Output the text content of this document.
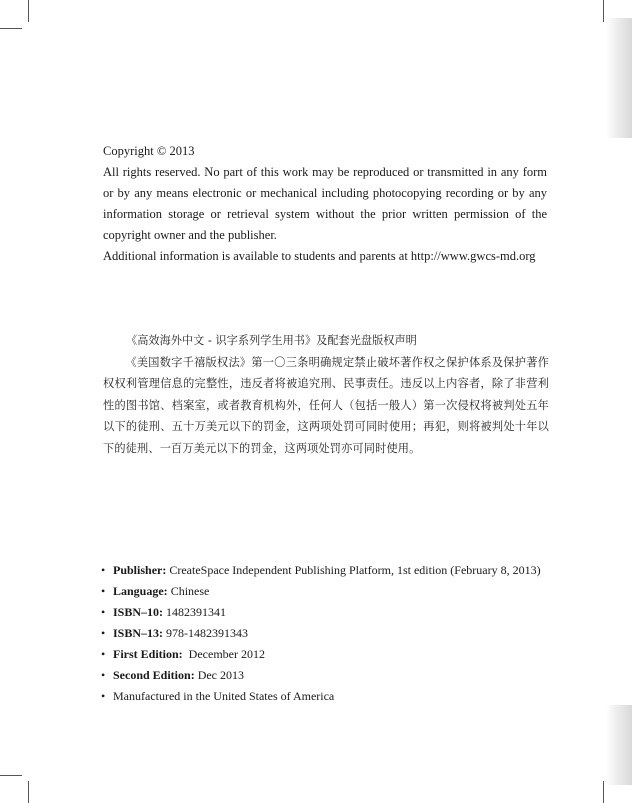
Copyright © 2013

All rights reserved. No part of this work may be reproduced or transmitted in any form or by any means electronic or mechanical including photocopying recording or by any information storage or retrieval system without the prior written permission of the copyright owner and the publisher.

Additional information is available to students and parents at http://www.gwcs-md.org

《高效海外中文 - 识字系列学生用书》及配套光盘版权声明

《美国数字千禧版权法》第一〇三条明确规定禁止破坏著作权之保护体系及保护著作权权利管理信息的完整性，违反者将被追究刑、民事责任。违反以上内容者，除了非营利性的图书馆、档案室，或者教育机构外，任何人（包括一般人）第一次侵权将被判处五年以下的徒刑、五十万美元以下的罚金，这两项处罚可同时使用；再犯，则将被判处十年以下的徒刑、一百万美元以下的罚金，这两项处罚亦可同时使用。

• Publisher: CreateSpace Independent Publishing Platform, 1st edition (February 8, 2013)
• Language: Chinese
• ISBN–10: 1482391341
• ISBN–13: 978-1482391343
• First Edition:  December 2012
• Second Edition: Dec 2013
• Manufactured in the United States of America
